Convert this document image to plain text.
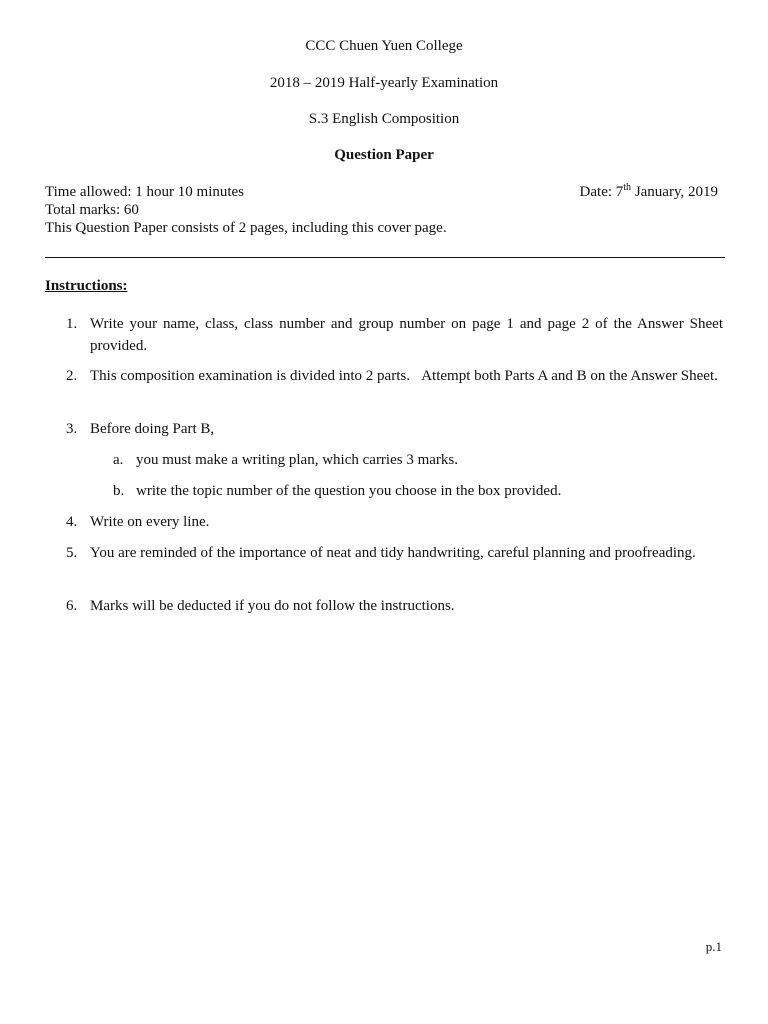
CCC Chuen Yuen College
2018 – 2019 Half-yearly Examination
S.3 English Composition
Question Paper
Time allowed: 1 hour 10 minutes	Date: 7th January, 2019
Total marks: 60
This Question Paper consists of 2 pages, including this cover page.
Instructions:
1. Write your name, class, class number and group number on page 1 and page 2 of the Answer Sheet provided.
2. This composition examination is divided into 2 parts.   Attempt both Parts A and B on the Answer Sheet.
3. Before doing Part B,
a. you must make a writing plan, which carries 3 marks.
b. write the topic number of the question you choose in the box provided.
4. Write on every line.
5. You are reminded of the importance of neat and tidy handwriting, careful planning and proofreading.
6. Marks will be deducted if you do not follow the instructions.
p.1
